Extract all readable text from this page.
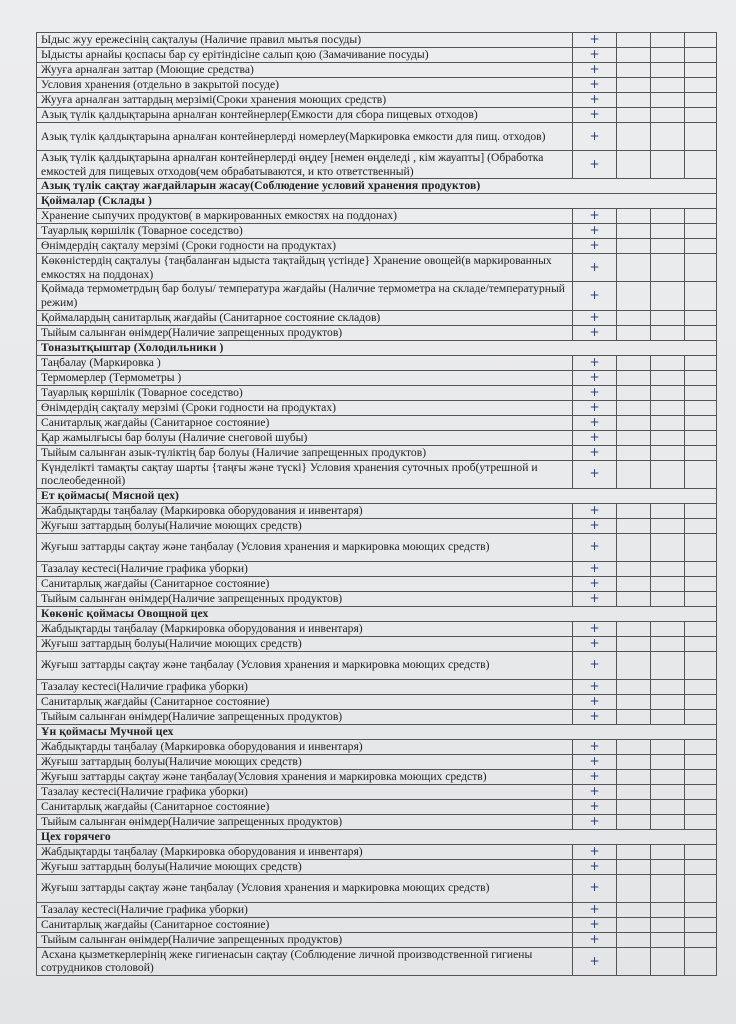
Ыдыс жуу ережесінің сақталуы (Наличие правил мытья посуды)	+			
Ыдысты арнайы қоспасы бар су ерітіндісіне салып қою (Замачивание посуды)	+			
Жууға арналған заттар (Моющие средства)	+			
Условия хранения (отдельно в закрытой посуде)	+			
Жууға арналған заттардың мерзімі(Сроки хранения моющих средств)	+			
Азық түлік қалдықтарына арналған контейнерлер(Емкости для сбора пищевых отходов)	+			
Азық түлік қалдықтарына арналған контейнерлерді номерлеу(Маркировка емкости для пищ. отходов)	+			
Азық түлік қалдықтарына арналған контейнерлерді өңдеу [немен өңделеді , кім жауапты] (Обработка емкостей для пищевых отходов(чем обрабатываются, и кто ответственный)	+			
Азық түлік сақтау жағдайларын жасау(Соблюдение условий хранения продуктов)				
Қоймалар (Склады )				
Хранение сыпучих продуктов( в маркированных емкостях на поддонах)	+			
Тауарлық көршілік (Товарное соседство)	+			
Өнімдердің сақталу мерзімі (Сроки годности на продуктах)	+			
Көкөністердің сақталуы {таңбаланған ыдыста тақтайдың үстінде} Хранение овощей(в маркированных емкостях на поддонах)	+			
Қоймада термометрдың бар болуы/ температура жағдайы (Наличие термометра на складе/температурный режим)	+			
Қоймалардың санитарлық жағдайы (Санитарное состояние складов)	+			
Тыйым салынған өнімдер(Наличие запрещенных продуктов)	+			
Тоназытқыштар (Холодильники )				
Таңбалау (Маркировка )	+			
Термомерлер (Термометры )	+			
Тауарлық көршілік (Товарное соседство)	+			
Өнімдердің сақталу мерзімі (Сроки годности на продуктах)	+			
Санитарлық жағдайы (Санитарное состояние)	+			
Қар жамылғысы бар болуы (Наличие снеговой шубы)	+			
Тыйым салынған азык-түліктің бар болуы (Наличие запрещенных продуктов)	+			
Күнделікті тамақты сақтау шарты {таңғы және түскі} Условия хранения суточных проб(утрешной и послеобеденной)	+			
Ет қоймасы( Мясной цех)				
Жабдықтарды таңбалау (Маркировка оборудования и инвентаря)	+			
Жуғыш заттардың болуы(Наличие моющих средств)	+			
Жуғыш заттарды сақтау және таңбалау (Условия хранения и маркировка моющих средств)	+			
Тазалау кестесі(Наличие графика уборки)	+			
Санитарлық жағдайы (Санитарное состояние)	+			
Тыйым салынған өнімдер(Наличие запрещенных продуктов)	+			
Көкөніс қоймасы Овощной цех				
Жабдықтарды таңбалау (Маркировка оборудования и инвентаря)	+			
Жуғыш заттардың болуы(Наличие моющих средств)	+			
Жуғыш заттарды сақтау және таңбалау (Условия хранения и маркировка моющих средств)	+			
Тазалау кестесі(Наличие графика уборки)	+			
Санитарлық жағдайы (Санитарное состояние)	+			
Тыйым салынған өнімдер(Наличие запрещенных продуктов)	+			
Ұн қоймасы Мучной цех				
Жабдықтарды таңбалау (Маркировка оборудования и инвентаря)	+			
Жуғыш заттардың болуы(Наличие моющих средств)	+			
Жуғыш заттарды сақтау және таңбалау(Условия хранения и маркировка моющих средств)	+			
Тазалау кестесі(Наличие графика уборки)	+			
Санитарлық жағдайы (Санитарное состояние)	+			
Тыйым салынған өнімдер(Наличие запрещенных продуктов)	+			
Цех горячего				
Жабдықтарды таңбалау (Маркировка оборудования и инвентаря)	+			
Жуғыш заттардың болуы(Наличие моющих средств)	+			
Жуғыш заттарды сақтау және таңбалау (Условия хранения и маркировка моющих средств)	+			
Тазалау кестесі(Наличие графика уборки)	+			
Санитарлық жағдайы (Санитарное состояние)	+			
Тыйым салынған өнімдер(Наличие запрещенных продуктов)	+			
Асхана қызметкерлерінің жеке гигиенасын сақтау (Соблюдение личной производственной гигиены сотрудников столовой)	+			
